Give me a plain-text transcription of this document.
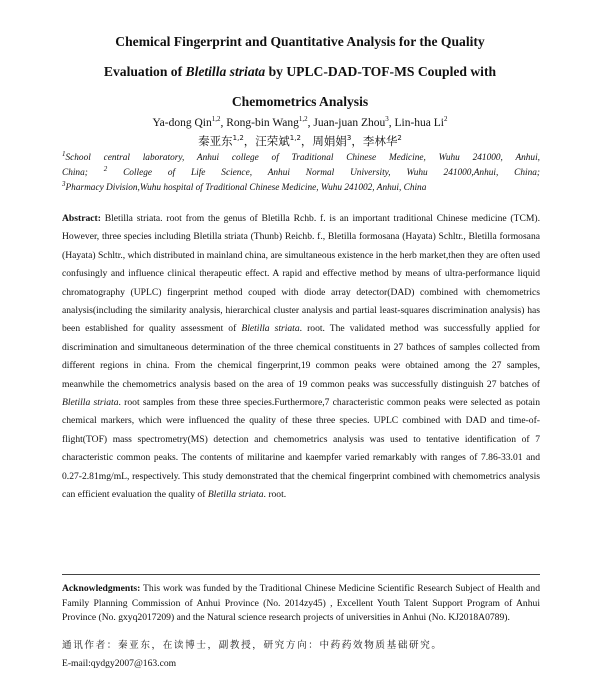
Chemical Fingerprint and Quantitative Analysis for the Quality
Evaluation of Bletilla striata by UPLC-DAD-TOF-MS Coupled with
Chemometrics Analysis
Ya-dong Qin$^{1,2}$, Rong-bin Wang$^{1,2}$, Juan-juan Zhou$^3$, Lin-hua Li$^2$
秦亚东$^{1,2}$，汪荣斌$^{1,2}$，周娟娟$^3$，李林华$^2$
$^1$School central laboratory, Anhui college of Traditional Chinese Medicine, Wuhu 241000, Anhui,
China; $^2$ College of Life Science, Anhui Normal University, Wuhu 241000,Anhui, China;
$^3$Pharmacy Division,Wuhu hospital of Traditional Chinese Medicine, Wuhu 241002, Anhui, China
Abstract: Bletilla striata. root from the genus of Bletilla Rchb. f. is an important traditional Chinese medicine (TCM). However, three species including Bletilla striata (Thunb) Reichb. f., Bletilla formosana (Hayata) Schltr., Bletilla formosana (Hayata) Schltr., which distributed in mainland china, are simultaneous existence in the herb market,then they are often used confusingly and influence clinical therapeutic effect. A rapid and effective method by means of ultra-performance liquid chromatography (UPLC) fingerprint method couped with diode array detector(DAD) combined with chemometrics analysis(including the similarity analysis, hierarchical cluster analysis and partial least-squares discrimination analysis) has been established for quality assessment of Bletilla striata. root. The validated method was successfully applied for discrimination and simultaneous determination of the three chemical constituents in 27 bathces of samples collected from different regions in china. From the chemical fingerprint,19 common peaks were obtained among the 27 samples, meanwhile the chemometrics analysis based on the area of 19 common peaks was successfully distinguish 27 batches of Bletilla striata. root samples from these three species.Furthermore,7 characteristic common peaks were selected as potain chemical markers, which were influenced the quality of these three species. UPLC combined with DAD and time-of-flight(TOF) mass spectrometry(MS) detection and chemometrics analysis was used to tentative identification of 7 characteristic common peaks. The contents of militarine and kaempfer varied remarkably with ranges of 7.86-33.01 and 0.27-2.81mg/mL, respectively. This study demonstrated that the chemical fingerprint combined with chemometrics analysis can efficient evaluation the quality of Bletilla striata. root.
Acknowledgments: This work was funded by the Traditional Chinese Medicine Scientific Research Subject of Health and Family Planning Commission of Anhui Province (No. 2014zy45) , Excellent Youth Talent Support Program of Anhui Province (No. gxyq2017209) and the Natural science research projects of universities in Anhui (No. KJ2018A0789).
通讯作者：秦亚东，在读博士，副教授，研究方向：中药药效物质基础研究。
E-mail:qydgy2007@163.com
